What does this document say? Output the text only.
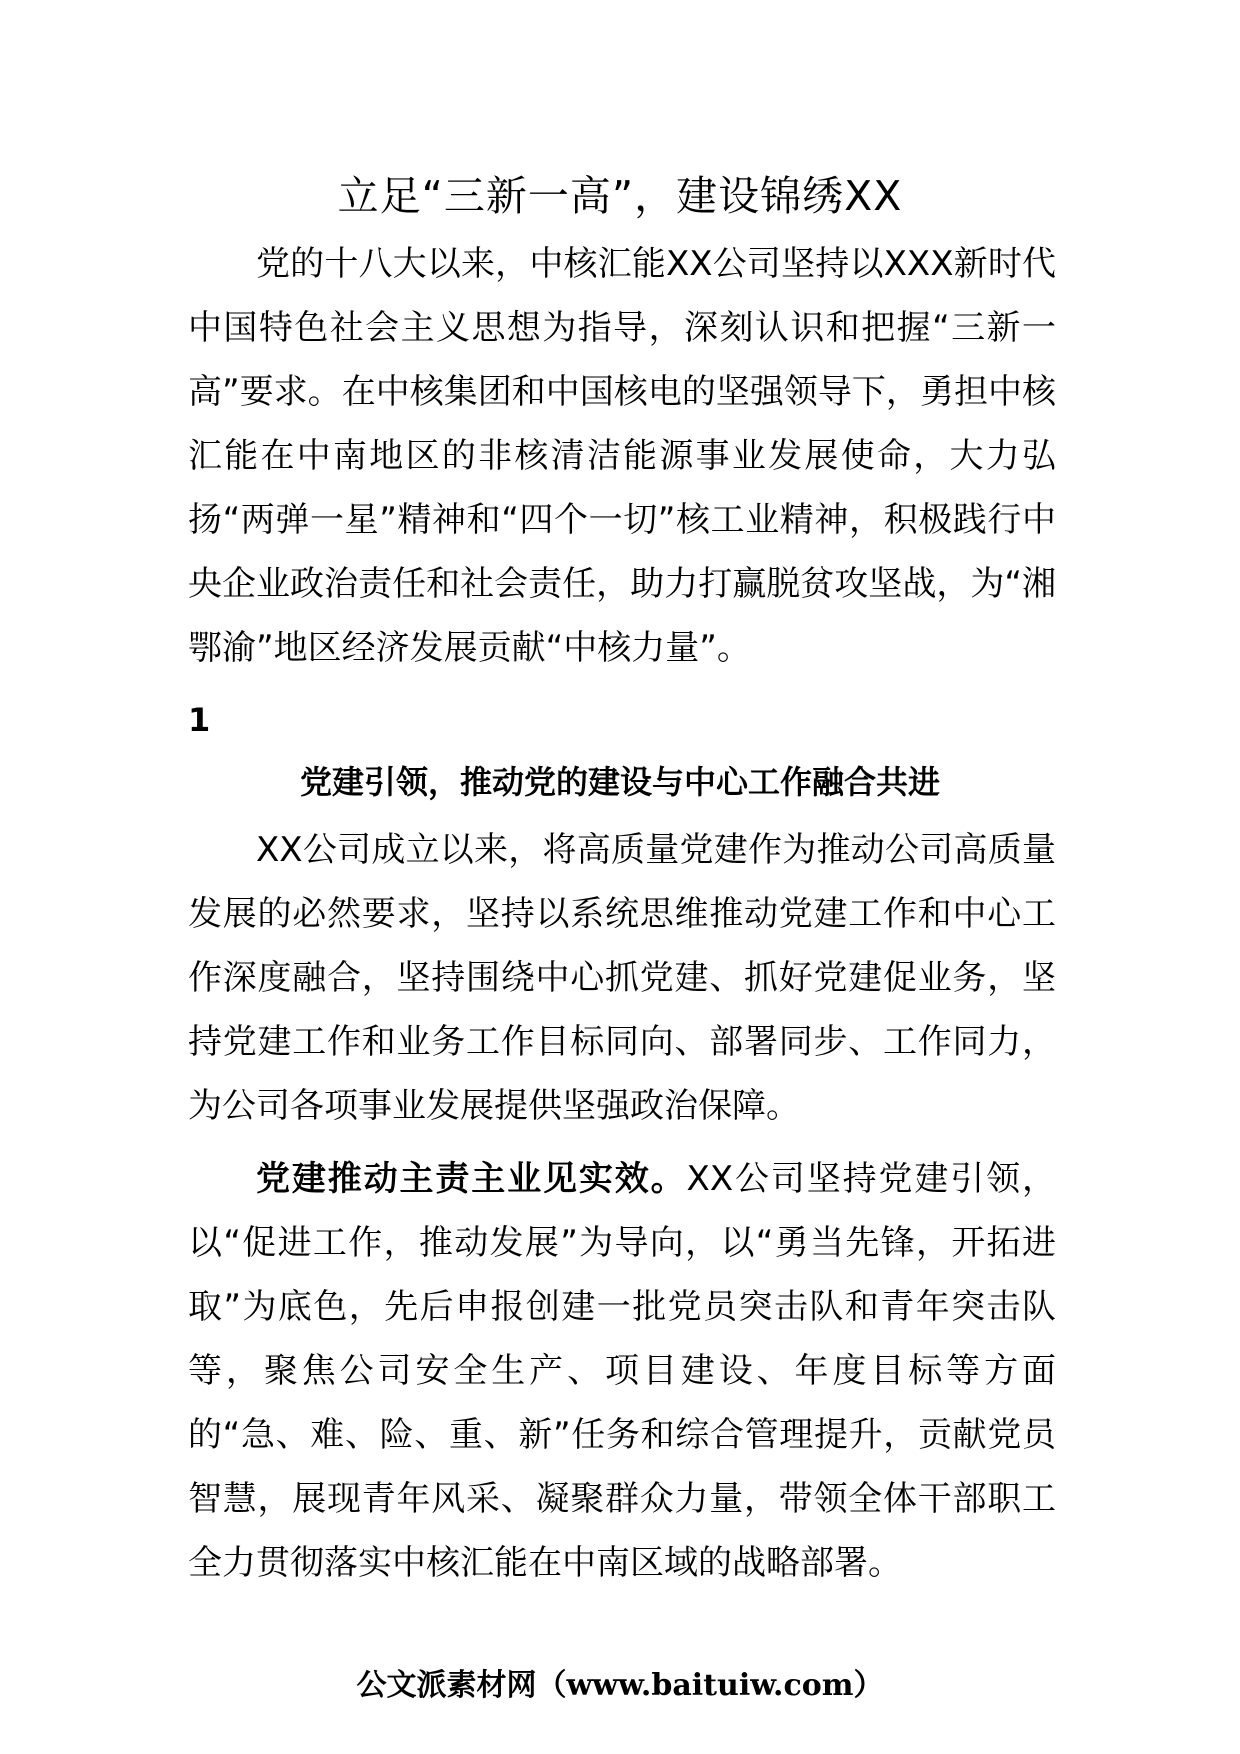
立足“三新一高”，建设锦绣XX

党的十八大以来，中核汇能XX公司坚持以XXX新时代中国特色社会主义思想为指导，深刻认识和把握“三新一高”要求。在中核集团和中国核电的坚强领导下，勇担中核汇能在中南地区的非核清洁能源事业发展使命，大力弘扬“两弹一星”精神和“四个一切”核工业精神，积极践行中央企业政治责任和社会责任，助力打赢脱贫攻坚战，为“湘鄂渝”地区经济发展贡献“中核力量”。

1

党建引领，推动党的建设与中心工作融合共进

XX公司成立以来，将高质量党建作为推动公司高质量发展的必然要求，坚持以系统思维推动党建工作和中心工作深度融合，坚持围绕中心抓党建、抓好党建促业务，坚持党建工作和业务工作目标同向、部署同步、工作同力，为公司各项事业发展提供坚强政治保障。

党建推动主责主业见实效。XX公司坚持党建引领，以“促进工作，推动发展”为导向，以“勇当先锋，开拓进取”为底色，先后申报创建一批党员突击队和青年突击队等，聚焦公司安全生产、项目建设、年度目标等方面的“急、难、险、重、新”任务和综合管理提升，贡献党员智慧，展现青年风采、凝聚群众力量，带领全体干部职工全力贯彻落实中核汇能在中南区域的战略部署。

公文派素材网（www.baituiw.com）
